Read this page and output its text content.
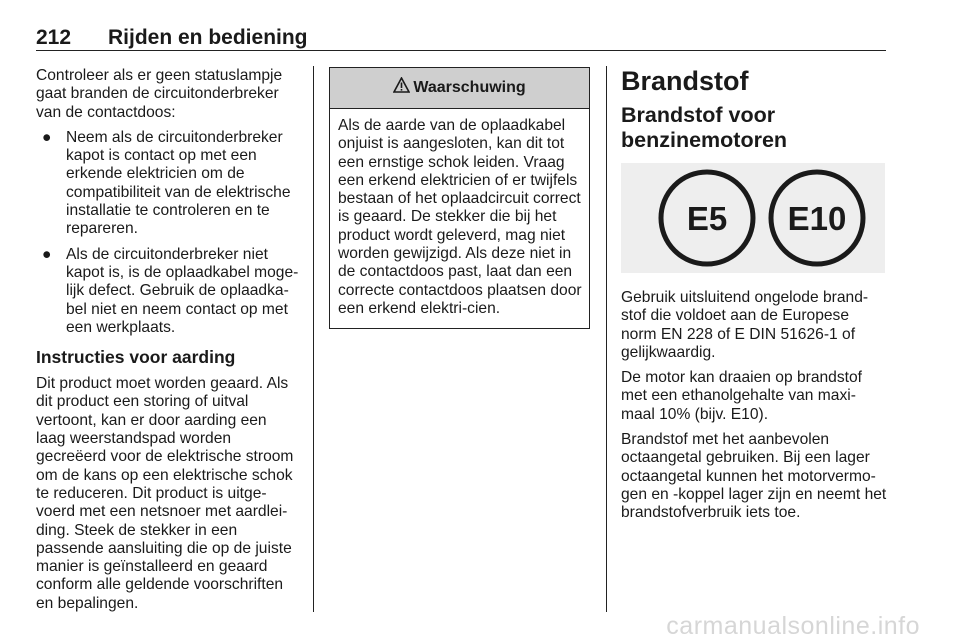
212 Rijden en bediening

Controleer als er geen statuslampje gaat branden de circuitonderbreker van de contactdoos:

● Neem als de circuitonderbreker kapot is contact op met een erkende elektricien om de compatibiliteit van de elektrische installatie te controleren en te repareren.
● Als de circuitonderbreker niet kapot is, is de oplaadkabel moge-lijk defect. Gebruik de oplaadka-bel niet en neem contact op met een werkplaats.
Instructies voor aarding

Dit product moet worden geaard. Als dit product een storing of uitval vertoont, kan er door aarding een laag weerstandspad worden gecreëerd voor de elektrische stroom om de kans op een elektrische schok te reduceren. Dit product is uitge-voerd met een netsnoer met aardlei-ding. Steek de stekker in een passende aansluiting die op de juiste manier is geïnstalleerd en geaard conform alle geldende voorschriften en bepalingen.

Waarschuwing
Als de aarde van de oplaadkabel onjuist is aangesloten, kan dit tot een ernstige schok leiden. Vraag een erkend elektricien of er twijfels bestaan of het oplaadcircuit correct is geaard. De stekker die bij het product wordt geleverd, mag niet worden gewijzigd. Als deze niet in de contactdoos past, laat dan een correcte contactdoos plaatsen door een erkend elektri-cien.
Brandstof
Brandstof voor benzinemotoren
E5 E10

Gebruik uitsluitend ongelode brand-stof die voldoet aan de Europese norm EN 228 of E DIN 51626-1 of gelijkwaardig.

De motor kan draaien op brandstof met een ethanolgehalte van maxi-maal 10% (bijv. E10).

Brandstof met het aanbevolen octaangetal gebruiken. Bij een lager octaangetal kunnen het motorvermo-gen en -koppel lager zijn en neemt het brandstofverbruik iets toe.

carmanualsonline.info
